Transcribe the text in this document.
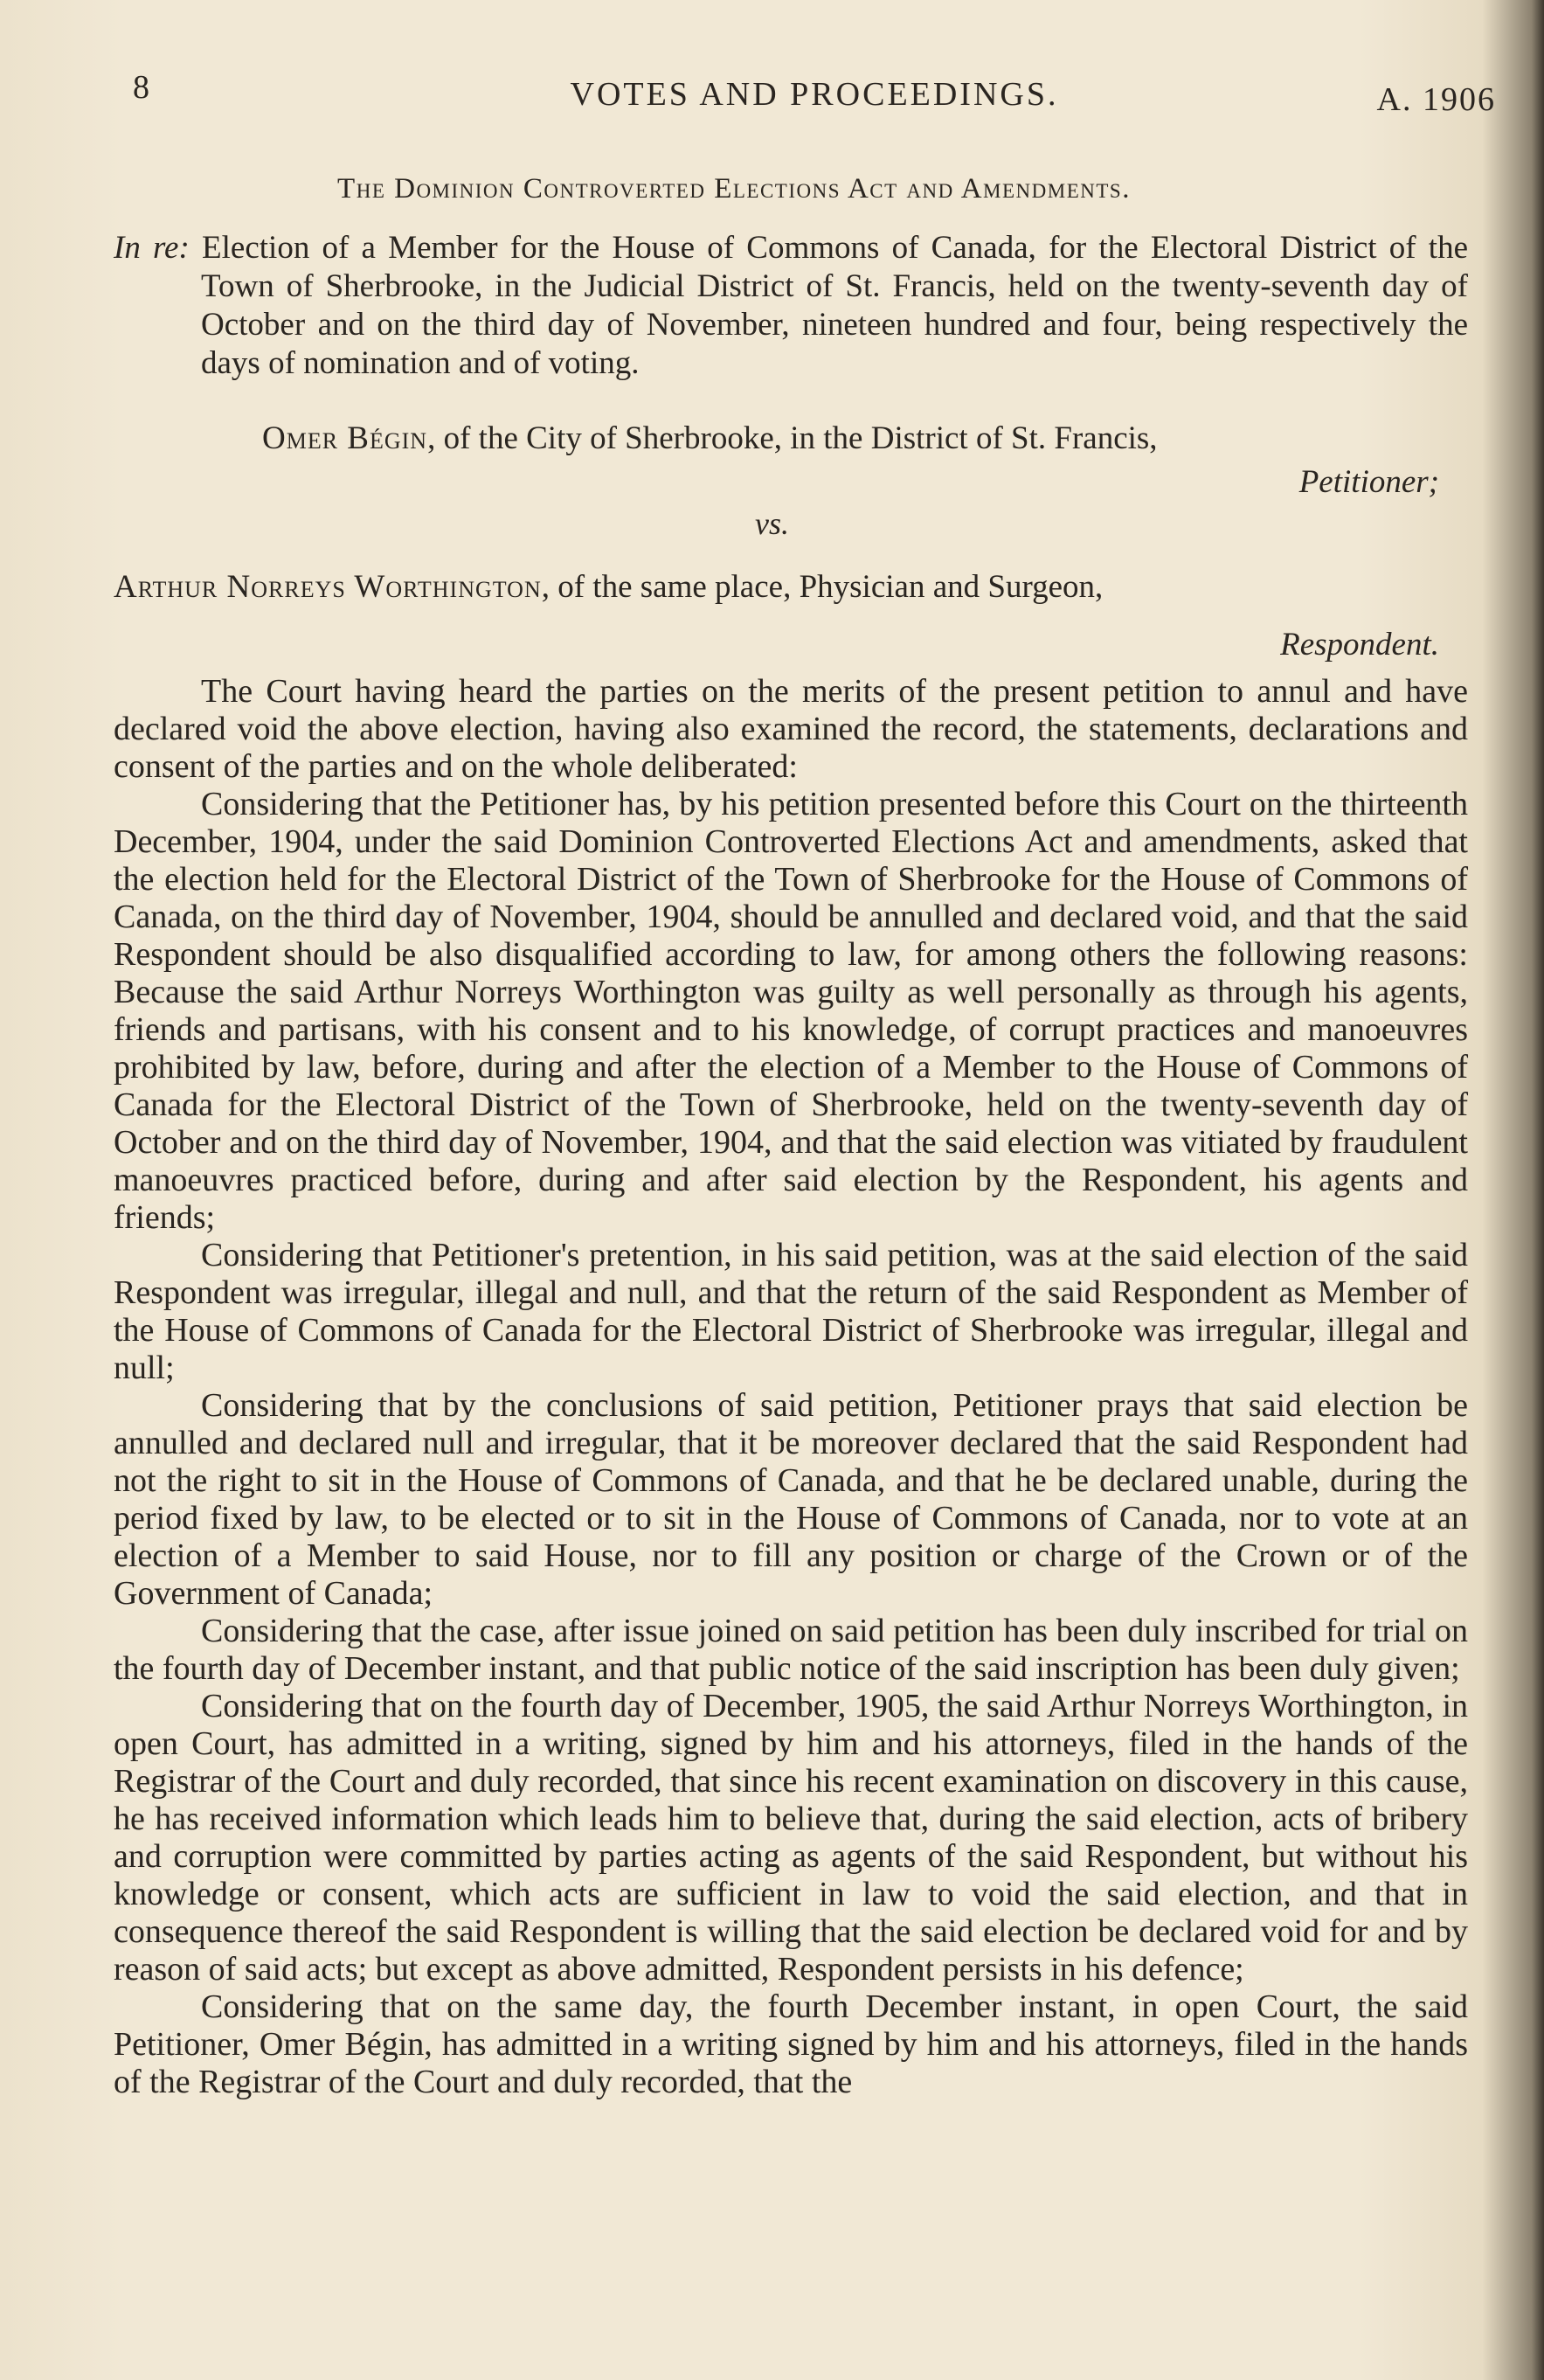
8	VOTES AND PROCEEDINGS.	A. 1906
The Dominion Controverted Elections Act and Amendments.

In re: Election of a Member for the House of Commons of Canada, for the Electoral District of the Town of Sherbrooke, in the Judicial District of St. Francis, held on the twenty-seventh day of October and on the third day of November, nineteen hundred and four, being respectively the days of nomination and of voting.

Omer Bégin, of the City of Sherbrooke, in the District of St. Francis,

Petitioner;
vs.

Arthur Norreys Worthington, of the same place, Physician and Surgeon,

Respondent.

The Court having heard the parties on the merits of the present petition to annul and have declared void the above election, having also examined the record, the statements, declarations and consent of the parties and on the whole deliberated:

Considering that the Petitioner has, by his petition presented before this Court on the thirteenth December, 1904, under the said Dominion Controverted Elections Act and amendments, asked that the election held for the Electoral District of the Town of Sherbrooke for the House of Commons of Canada, on the third day of November, 1904, should be annulled and declared void, and that the said Respondent should be also disqualified according to law, for among others the following reasons: Because the said Arthur Norreys Worthington was guilty as well personally as through his agents, friends and partisans, with his consent and to his knowledge, of corrupt practices and manoeuvres prohibited by law, before, during and after the election of a Member to the House of Commons of Canada for the Electoral District of the Town of Sherbrooke, held on the twenty-seventh day of October and on the third day of November, 1904, and that the said election was vitiated by fraudulent manoeuvres practiced before, during and after said election by the Respondent, his agents and friends;

Considering that Petitioner's pretention, in his said petition, was at the said election of the said Respondent was irregular, illegal and null, and that the return of the said Respondent as Member of the House of Commons of Canada for the Electoral District of Sherbrooke was irregular, illegal and null;

Considering that by the conclusions of said petition, Petitioner prays that said election be annulled and declared null and irregular, that it be moreover declared that the said Respondent had not the right to sit in the House of Commons of Canada, and that he be declared unable, during the period fixed by law, to be elected or to sit in the House of Commons of Canada, nor to vote at an election of a Member to said House, nor to fill any position or charge of the Crown or of the Government of Canada;

Considering that the case, after issue joined on said petition has been duly inscribed for trial on the fourth day of December instant, and that public notice of the said inscription has been duly given;

Considering that on the fourth day of December, 1905, the said Arthur Norreys Worthington, in open Court, has admitted in a writing, signed by him and his attorneys, filed in the hands of the Registrar of the Court and duly recorded, that since his recent examination on discovery in this cause, he has received information which leads him to believe that, during the said election, acts of bribery and corruption were committed by parties acting as agents of the said Respondent, but without his knowledge or consent, which acts are sufficient in law to void the said election, and that in consequence thereof the said Respondent is willing that the said election be declared void for and by reason of said acts; but except as above admitted, Respondent persists in his defence;

Considering that on the same day, the fourth December instant, in open Court, the said Petitioner, Omer Bégin, has admitted in a writing signed by him and his attorneys, filed in the hands of the Registrar of the Court and duly recorded, that the
